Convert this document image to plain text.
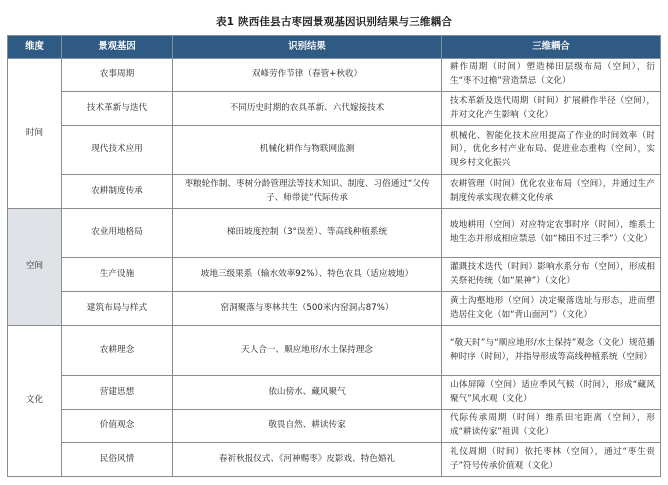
表1 陕西佳县古枣园景观基因识别结果与三维耦合
维度	景观基因	识别结果	三维耦合
时间	农事周期	双峰劳作节律（春管+秋收）	耕作周期（时间）塑造梯田层级布局（空间），衍生“枣不过檐”营造禁忌（文化）
	技术革新与迭代	不同历史时期的农具革新、六代嫁接技术	技术革新及迭代周期（时间）扩展耕作半径（空间），并对文化产生影响（文化）
	现代技术应用	机械化耕作与物联网监测	机械化、智能化技术应用提高了作业的时间效率（时间），优化乡村产业布局、促进业态重构（空间），实现乡村文化振兴
	农耕制度传承	枣粮轮作制、枣树分龄管理法等技术知识、制度、习俗通过“父传子、师带徒”代际传承	农耕管理（时间）优化农业布局（空间），并通过生产制度传承实现农耕文化传承
空间	农业用地格局	梯田坡度控制（3°误差）、等高线种植系统	坡地耕用（空间）对应特定农事时序（时间），维系土地生态并形成相应禁忌（如“梯田不过三季”）（文化）
	生产设施	坡地三级果系（输水效率92%）、特色农具（适应坡地）	灌溉技术迭代（时间）影响水系分布（空间），形成相关祭祀传统（如“果神”）（文化）
	建筑布局与样式	窑洞聚落与枣林共生（500米内窑洞占87%）	黄土沟壑地形（空间）决定聚落选址与形态，进而塑造居住文化（如“背山面河”）（文化）
文化	农耕理念	天人合一、顺应地形/水土保持理念	“敬天时”与“顺应地形/水土保持”观念（文化）规范播种时序（时间），并指导形成等高线种植系统（空间）
	营建思想	依山傍水、藏风聚气	山体屏障（空间）适应季风气候（时间），形成“藏风聚气”风水观（文化）
	价值观念	敬畏自然、耕读传家	代际传承周期（时间）维系田宅距离（空间），形成“耕读传家”祖训（文化）
	民俗风情	春祈秋报仪式、《河神赐枣》皮影戏、特色婚礼	礼仪周期（时间）依托枣林（空间），通过“枣生贵子”符号传承价值观（文化）
